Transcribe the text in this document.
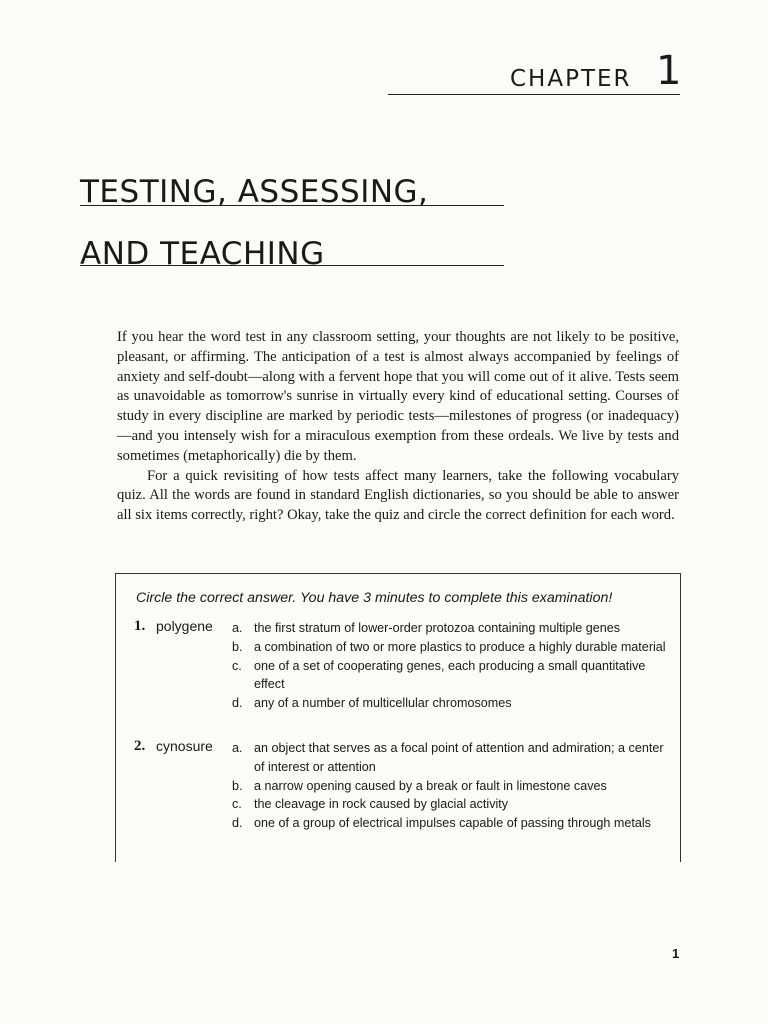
CHAPTER 1
TESTING, ASSESSING,
AND TEACHING

If you hear the word test in any classroom setting, your thoughts are not likely to be positive, pleasant, or affirming. The anticipation of a test is almost always accompanied by feelings of anxiety and self-doubt—along with a fervent hope that you will come out of it alive. Tests seem as unavoidable as tomorrow's sunrise in virtually every kind of educational setting. Courses of study in every discipline are marked by periodic tests—milestones of progress (or inadequacy)—and you intensely wish for a miraculous exemption from these ordeals. We live by tests and sometimes (metaphorically) die by them.

For a quick revisiting of how tests affect many learners, take the following vocabulary quiz. All the words are found in standard English dictionaries, so you should be able to answer all six items correctly, right? Okay, take the quiz and circle the correct definition for each word.

Circle the correct answer. You have 3 minutes to complete this examination!
1. polygene a. the first stratum of lower-order protozoa containing multiple genes
b. a combination of two or more plastics to produce a highly durable material
c. one of a set of cooperating genes, each producing a small quantitative effect
d. any of a number of multicellular chromosomes
2. cynosure a. an object that serves as a focal point of attention and admiration; a center of interest or attention
b. a narrow opening caused by a break or fault in limestone caves
c. the cleavage in rock caused by glacial activity
d. one of a group of electrical impulses capable of passing through metals
1
